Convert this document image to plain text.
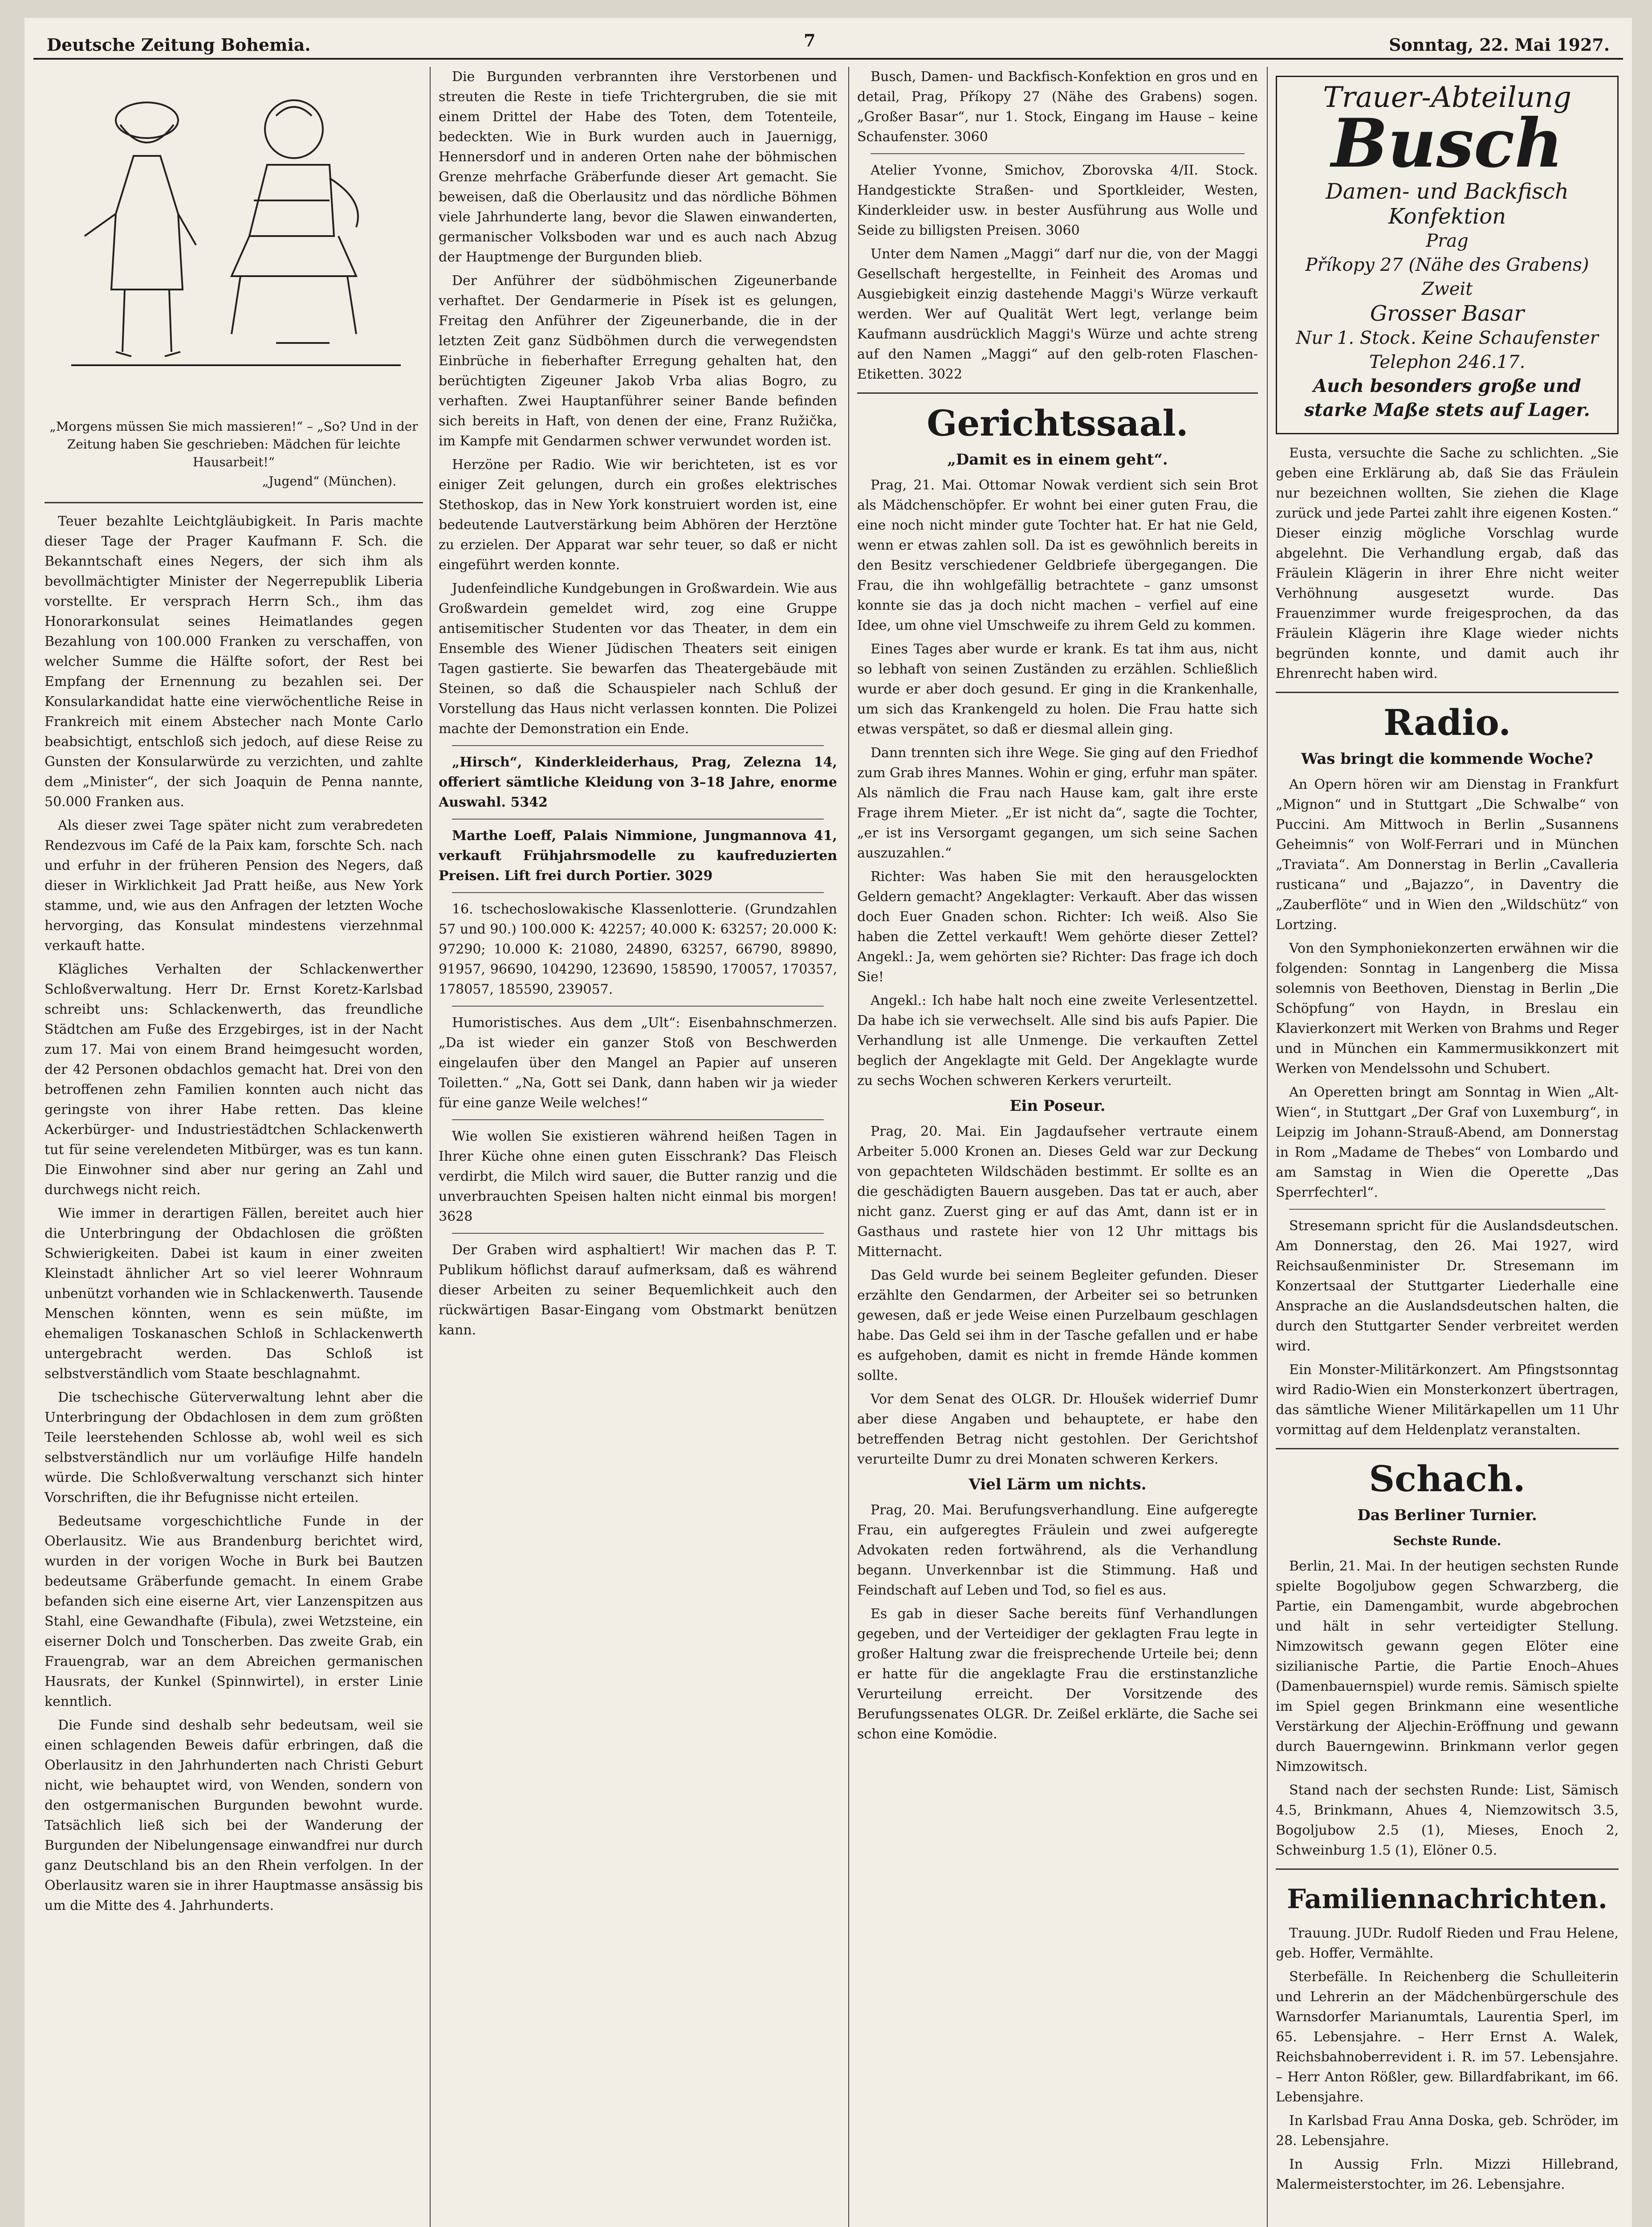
Deutsche Zeitung Bohemia.	7	Sonntag, 22. Mai 1927.
„Morgens müssen Sie mich massieren!“ – „So? Und in der Zeitung haben Sie geschrieben: Mädchen für leichte Hausarbeit!“
„Jugend“ (München).

Teuer bezahlte Leichtgläubigkeit. In Paris machte dieser Tage der Prager Kaufmann F. Sch. die Bekanntschaft eines Negers, der sich ihm als bevollmächtigter Minister der Negerrepublik Liberia vorstellte. Er versprach Herrn Sch., ihm das Honorarkonsulat seines Heimatlandes gegen Bezahlung von 100.000 Franken zu verschaffen, von welcher Summe die Hälfte sofort, der Rest bei Empfang der Ernennung zu bezahlen sei. Der Konsularkandidat hatte eine vierwöchentliche Reise in Frankreich mit einem Abstecher nach Monte Carlo beabsichtigt, entschloß sich jedoch, auf diese Reise zu Gunsten der Konsularwürde zu verzichten, und zahlte dem „Minister“, der sich Joaquin de Penna nannte, 50.000 Franken aus.

Als dieser zwei Tage später nicht zum verabredeten Rendezvous im Café de la Paix kam, forschte Sch. nach und erfuhr in der früheren Pension des Negers, daß dieser in Wirklichkeit Jad Pratt heiße, aus New York stamme, und, wie aus den Anfragen der letzten Woche hervorging, das Konsulat mindestens vierzehnmal verkauft hatte.

Klägliches Verhalten der Schlackenwerther Schloßverwaltung. Herr Dr. Ernst Koretz-Karlsbad schreibt uns: Schlackenwerth, das freundliche Städtchen am Fuße des Erzgebirges, ist in der Nacht zum 17. Mai von einem Brand heimgesucht worden, der 42 Personen obdachlos gemacht hat. Drei von den betroffenen zehn Familien konnten auch nicht das geringste von ihrer Habe retten. Das kleine Ackerbürger- und Industriestädtchen Schlackenwerth tut für seine verelendeten Mitbürger, was es tun kann. Die Einwohner sind aber nur gering an Zahl und durchwegs nicht reich.

Wie immer in derartigen Fällen, bereitet auch hier die Unterbringung der Obdachlosen die größten Schwierigkeiten. Dabei ist kaum in einer zweiten Kleinstadt ähnlicher Art so viel leerer Wohnraum unbenützt vorhanden wie in Schlackenwerth. Tausende Menschen könnten, wenn es sein müßte, im ehemaligen Toskanaschen Schloß in Schlackenwerth untergebracht werden. Das Schloß ist selbstverständlich vom Staate beschlagnahmt.

Die tschechische Güterverwaltung lehnt aber die Unterbringung der Obdachlosen in dem zum größten Teile leerstehenden Schlosse ab, wohl weil es sich selbstverständlich nur um vorläufige Hilfe handeln würde. Die Schloßverwaltung verschanzt sich hinter Vorschriften, die ihr Befugnisse nicht erteilen.

Bedeutsame vorgeschichtliche Funde in der Oberlausitz. Wie aus Brandenburg berichtet wird, wurden in der vorigen Woche in Burk bei Bautzen bedeutsame Gräberfunde gemacht. In einem Grabe befanden sich eine eiserne Art, vier Lanzenspitzen aus Stahl, eine Gewandhafte (Fibula), zwei Wetzsteine, ein eiserner Dolch und Tonscherben. Das zweite Grab, ein Frauengrab, war an dem Abreichen germanischen Hausrats, der Kunkel (Spinnwirtel), in erster Linie kenntlich.

Die Funde sind deshalb sehr bedeutsam, weil sie einen schlagenden Beweis dafür erbringen, daß die Oberlausitz in den Jahrhunderten nach Christi Geburt nicht, wie behauptet wird, von Wenden, sondern von den ostgermanischen Burgunden bewohnt wurde. Tatsächlich ließ sich bei der Wanderung der Burgunden der Nibelungensage einwandfrei nur durch ganz Deutschland bis an den Rhein verfolgen. In der Oberlausitz waren sie in ihrer Hauptmasse ansässig bis um die Mitte des 4. Jahrhunderts.

Die Burgunden verbrannten ihre Verstorbenen und streuten die Reste in tiefe Trichtergruben, die sie mit einem Drittel der Habe des Toten, dem Totenteile, bedeckten. Wie in Burk wurden auch in Jauernigg, Hennersdorf und in anderen Orten nahe der böhmischen Grenze mehrfache Gräberfunde dieser Art gemacht. Sie beweisen, daß die Oberlausitz und das nördliche Böhmen viele Jahrhunderte lang, bevor die Slawen einwanderten, germanischer Volksboden war und es auch nach Abzug der Hauptmenge der Burgunden blieb.

Der Anführer der südböhmischen Zigeunerbande verhaftet. Der Gendarmerie in Písek ist es gelungen, Freitag den Anführer der Zigeunerbande, die in der letzten Zeit ganz Südböhmen durch die verwegendsten Einbrüche in fieberhafter Erregung gehalten hat, den berüchtigten Zigeuner Jakob Vrba alias Bogro, zu verhaften. Zwei Hauptanführer seiner Bande befinden sich bereits in Haft, von denen der eine, Franz Ružička, im Kampfe mit Gendarmen schwer verwundet worden ist.

Herzöne per Radio. Wie wir berichteten, ist es vor einiger Zeit gelungen, durch ein großes elektrisches Stethoskop, das in New York konstruiert worden ist, eine bedeutende Lautverstärkung beim Abhören der Herztöne zu erzielen. Der Apparat war sehr teuer, so daß er nicht eingeführt werden konnte.

Judenfeindliche Kundgebungen in Großwardein. Wie aus Großwardein gemeldet wird, zog eine Gruppe antisemitischer Studenten vor das Theater, in dem ein Ensemble des Wiener Jüdischen Theaters seit einigen Tagen gastierte. Sie bewarfen das Theatergebäude mit Steinen, so daß die Schauspieler nach Schluß der Vorstellung das Haus nicht verlassen konnten. Die Polizei machte der Demonstration ein Ende.

„Hirsch“, Kinderkleiderhaus, Prag, Zelezna 14, offeriert sämtliche Kleidung von 3–18 Jahre, enorme Auswahl. 5342

Marthe Loeff, Palais Nimmione, Jungmannova 41, verkauft Frühjahrsmodelle zu kaufreduzierten Preisen. Lift frei durch Portier. 3029

16. tschechoslowakische Klassenlotterie. (Grundzahlen 57 und 90.) 100.000 K: 42257; 40.000 K: 63257; 20.000 K: 97290; 10.000 K: 21080, 24890, 63257, 66790, 89890, 91957, 96690, 104290, 123690, 158590, 170057, 170357, 178057, 185590, 239057.

Humoristisches. Aus dem „Ult“: Eisenbahnschmerzen. „Da ist wieder ein ganzer Stoß von Beschwerden eingelaufen über den Mangel an Papier auf unseren Toiletten.“ „Na, Gott sei Dank, dann haben wir ja wieder für eine ganze Weile welches!“

Wie wollen Sie existieren während heißen Tagen in Ihrer Küche ohne einen guten Eisschrank? Das Fleisch verdirbt, die Milch wird sauer, die Butter ranzig und die unverbrauchten Speisen halten nicht einmal bis morgen! 3628

Der Graben wird asphaltiert! Wir machen das P. T. Publikum höflichst darauf aufmerksam, daß es während dieser Arbeiten zu seiner Bequemlichkeit auch den rückwärtigen Basar-Eingang vom Obstmarkt benützen kann.

Busch, Damen- und Backfisch-Konfektion en gros und en detail, Prag, Příkopy 27 (Nähe des Grabens) sogen. „Großer Basar“, nur 1. Stock, Eingang im Hause – keine Schaufenster. 3060

Atelier Yvonne, Smichov, Zborovska 4/II. Stock. Handgestickte Straßen- und Sportkleider, Westen, Kinderkleider usw. in bester Ausführung aus Wolle und Seide zu billigsten Preisen. 3060

Unter dem Namen „Maggi“ darf nur die, von der Maggi Gesellschaft hergestellte, in Feinheit des Aromas und Ausgiebigkeit einzig dastehende Maggi's Würze verkauft werden. Wer auf Qualität Wert legt, verlange beim Kaufmann ausdrücklich Maggi's Würze und achte streng auf den Namen „Maggi“ auf den gelb-roten Flaschen-Etiketten. 3022

Gerichtssaal.
„Damit es in einem geht“.

Prag, 21. Mai. Ottomar Nowak verdient sich sein Brot als Mädchenschöpfer. Er wohnt bei einer guten Frau, die eine noch nicht minder gute Tochter hat. Er hat nie Geld, wenn er etwas zahlen soll. Da ist es gewöhnlich bereits in den Besitz verschiedener Geldbriefe übergegangen. Die Frau, die ihn wohlgefällig betrachtete – ganz umsonst konnte sie das ja doch nicht machen – verfiel auf eine Idee, um ohne viel Umschweife zu ihrem Geld zu kommen.

Eines Tages aber wurde er krank. Es tat ihm aus, nicht so lebhaft von seinen Zuständen zu erzählen. Schließlich wurde er aber doch gesund. Er ging in die Krankenhalle, um sich das Krankengeld zu holen. Die Frau hatte sich etwas verspätet, so daß er diesmal allein ging.

Dann trennten sich ihre Wege. Sie ging auf den Friedhof zum Grab ihres Mannes. Wohin er ging, erfuhr man später. Als nämlich die Frau nach Hause kam, galt ihre erste Frage ihrem Mieter. „Er ist nicht da“, sagte die Tochter, „er ist ins Versorgamt gegangen, um sich seine Sachen auszuzahlen.“

Richter: Was haben Sie mit den herausgelockten Geldern gemacht? Angeklagter: Verkauft. Aber das wissen doch Euer Gnaden schon. Richter: Ich weiß. Also Sie haben die Zettel verkauft! Wem gehörte dieser Zettel? Angekl.: Ja, wem gehörten sie? Richter: Das frage ich doch Sie!

Angekl.: Ich habe halt noch eine zweite Verlesentzettel. Da habe ich sie verwechselt. Alle sind bis aufs Papier. Die Verhandlung ist alle Unmenge. Die verkauften Zettel beglich der Angeklagte mit Geld. Der Angeklagte wurde zu sechs Wochen schweren Kerkers verurteilt.

Ein Poseur.

Prag, 20. Mai. Ein Jagdaufseher vertraute einem Arbeiter 5.000 Kronen an. Dieses Geld war zur Deckung von gepachteten Wildschäden bestimmt. Er sollte es an die geschädigten Bauern ausgeben. Das tat er auch, aber nicht ganz. Zuerst ging er auf das Amt, dann ist er in Gasthaus und rastete hier von 12 Uhr mittags bis Mitternacht.

Das Geld wurde bei seinem Begleiter gefunden. Dieser erzählte den Gendarmen, der Arbeiter sei so betrunken gewesen, daß er jede Weise einen Purzelbaum geschlagen habe. Das Geld sei ihm in der Tasche gefallen und er habe es aufgehoben, damit es nicht in fremde Hände kommen sollte.

Vor dem Senat des OLGR. Dr. Hloušek widerrief Dumr aber diese Angaben und behauptete, er habe den betreffenden Betrag nicht gestohlen. Der Gerichtshof verurteilte Dumr zu drei Monaten schweren Kerkers.

Viel Lärm um nichts.

Prag, 20. Mai. Berufungsverhandlung. Eine aufgeregte Frau, ein aufgeregtes Fräulein und zwei aufgeregte Advokaten reden fortwährend, als die Verhandlung begann. Unverkennbar ist die Stimmung. Haß und Feindschaft auf Leben und Tod, so fiel es aus.

Es gab in dieser Sache bereits fünf Verhandlungen gegeben, und der Verteidiger der geklagten Frau legte in großer Haltung zwar die freisprechende Urteile bei; denn er hatte für die angeklagte Frau die erstinstanzliche Verurteilung erreicht. Der Vorsitzende des Berufungssenates OLGR. Dr. Zeißel erklärte, die Sache sei schon eine Komödie.

Trauer-Abteilung
Busch
Damen- und Backfisch Konfektion
Prag
Příkopy 27 (Nähe des Grabens) Zweit
Grosser Basar
Nur 1. Stock. Keine Schaufenster
Telephon 246.17.
Auch besonders große und starke Maße stets auf Lager.

Eusta, versuchte die Sache zu schlichten. „Sie geben eine Erklärung ab, daß Sie das Fräulein nur bezeichnen wollten, Sie ziehen die Klage zurück und jede Partei zahlt ihre eigenen Kosten.“ Dieser einzig mögliche Vorschlag wurde abgelehnt. Die Verhandlung ergab, daß das Fräulein Klägerin in ihrer Ehre nicht weiter Verhöhnung ausgesetzt wurde. Das Frauenzimmer wurde freigesprochen, da das Fräulein Klägerin ihre Klage wieder nichts begründen konnte, und damit auch ihr Ehrenrecht haben wird.

Radio.
Was bringt die kommende Woche?

An Opern hören wir am Dienstag in Frankfurt „Mignon“ und in Stuttgart „Die Schwalbe“ von Puccini. Am Mittwoch in Berlin „Susannens Geheimnis“ von Wolf-Ferrari und in München „Traviata“. Am Donnerstag in Berlin „Cavalleria rusticana“ und „Bajazzo“, in Daventry die „Zauberflöte“ und in Wien den „Wildschütz“ von Lortzing.

Von den Symphoniekonzerten erwähnen wir die folgenden: Sonntag in Langenberg die Missa solemnis von Beethoven, Dienstag in Berlin „Die Schöpfung“ von Haydn, in Breslau ein Klavierkonzert mit Werken von Brahms und Reger und in München ein Kammermusikkonzert mit Werken von Mendelssohn und Schubert.

An Operetten bringt am Sonntag in Wien „Alt-Wien“, in Stuttgart „Der Graf von Luxemburg“, in Leipzig im Johann-Strauß-Abend, am Donnerstag in Rom „Madame de Thebes“ von Lombardo und am Samstag in Wien die Operette „Das Sperrfechterl“.

Stresemann spricht für die Auslandsdeutschen. Am Donnerstag, den 26. Mai 1927, wird Reichsaußenminister Dr. Stresemann im Konzertsaal der Stuttgarter Liederhalle eine Ansprache an die Auslandsdeutschen halten, die durch den Stuttgarter Sender verbreitet werden wird.

Ein Monster-Militärkonzert. Am Pfingstsonntag wird Radio-Wien ein Monsterkonzert übertragen, das sämtliche Wiener Militärkapellen um 11 Uhr vormittag auf dem Heldenplatz veranstalten.

Schach.
Das Berliner Turnier.
Sechste Runde.

Berlin, 21. Mai. In der heutigen sechsten Runde spielte Bogoljubow gegen Schwarzberg, die Partie, ein Damengambit, wurde abgebrochen und hält in sehr verteidigter Stellung. Nimzowitsch gewann gegen Elöter eine sizilianische Partie, die Partie Enoch–Ahues (Damenbauernspiel) wurde remis. Sämisch spielte im Spiel gegen Brinkmann eine wesentliche Verstärkung der Aljechin-Eröffnung und gewann durch Bauerngewinn. Brinkmann verlor gegen Nimzowitsch.

Stand nach der sechsten Runde: List, Sämisch 4.5, Brinkmann, Ahues 4, Niemzowitsch 3.5, Bogoljubow 2.5 (1), Mieses, Enoch 2, Schweinburg 1.5 (1), Elöner 0.5.

Familiennachrichten.

Trauung. JUDr. Rudolf Rieden und Frau Helene, geb. Hoffer, Vermählte.

Sterbefälle. In Reichenberg die Schulleiterin und Lehrerin an der Mädchenbürgerschule des Warnsdorfer Marianumtals, Laurentia Sperl, im 65. Lebensjahre. – Herr Ernst A. Walek, Reichsbahnoberrevident i. R. im 57. Lebensjahre. – Herr Anton Rößler, gew. Billardfabrikant, im 66. Lebensjahre.

In Karlsbad Frau Anna Doska, geb. Schröder, im 28. Lebensjahre.

In Aussig Frln. Mizzi Hillebrand, Malermeisterstochter, im 26. Lebensjahre.
